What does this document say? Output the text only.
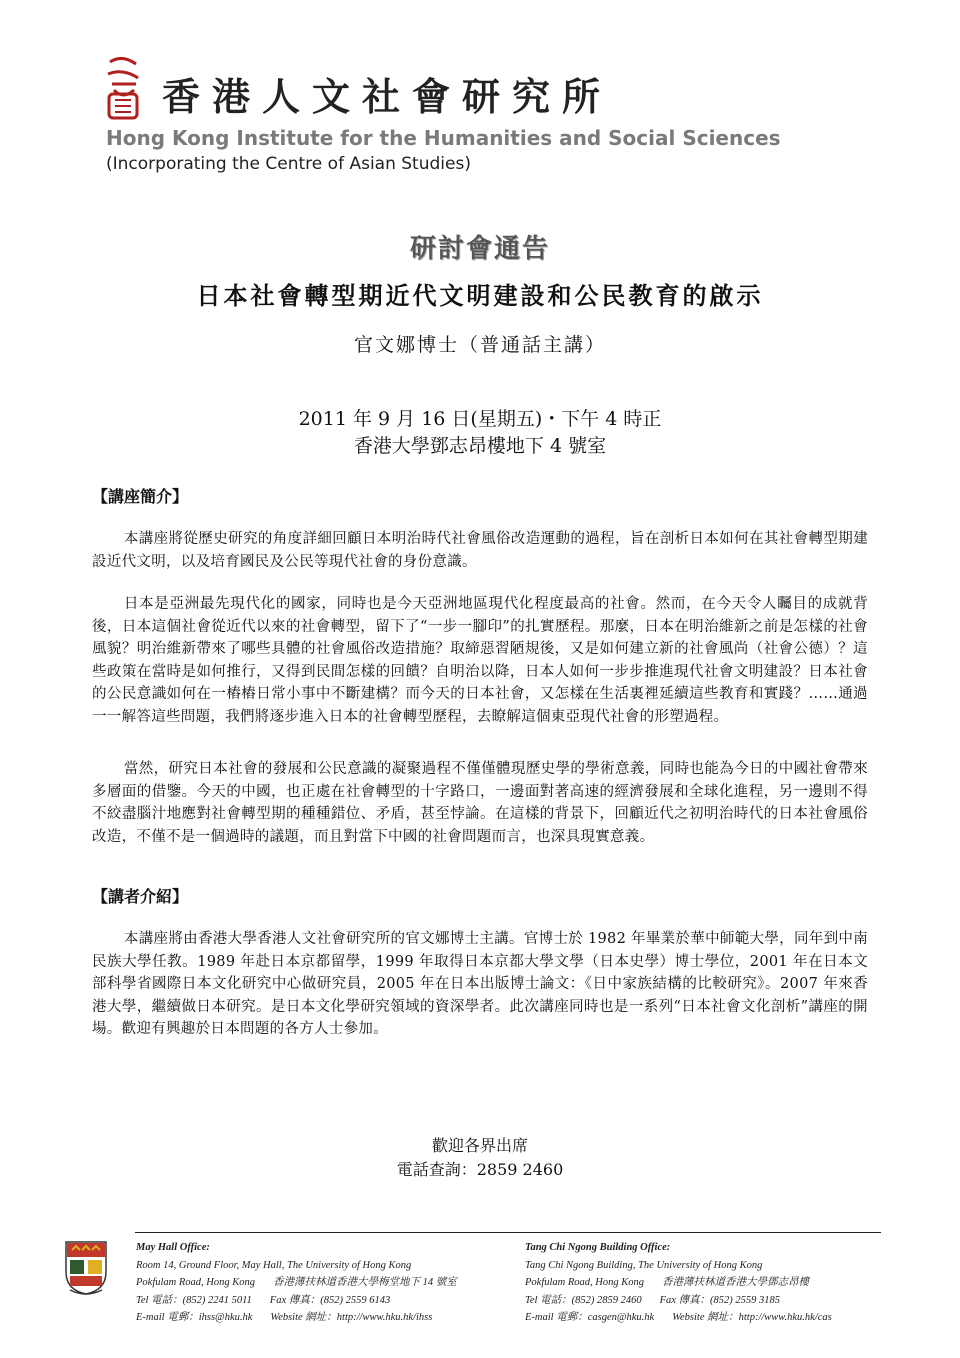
香港人文社會研究所
Hong Kong Institute for the Humanities and Social Sciences
(Incorporating the Centre of Asian Studies)
研討會通告
日本社會轉型期近代文明建設和公民教育的啟示
官文娜博士（普通話主講）
2011 年 9 月 16 日(星期五)・下午 4 時正
香港大學鄧志昂樓地下 4 號室
【講座簡介】

本講座將從歷史研究的角度詳細回顧日本明治時代社會風俗改造運動的過程，旨在剖析日本如何在其社會轉型期建設近代文明，以及培育國民及公民等現代社會的身份意識。

日本是亞洲最先現代化的國家，同時也是今天亞洲地區現代化程度最高的社會。然而，在今天令人矚目的成就背後，日本這個社會從近代以來的社會轉型，留下了“一步一腳印”的扎實歷程。那麼，日本在明治維新之前是怎樣的社會風貌？明治維新帶來了哪些具體的社會風俗改造措施？取締惡習陋規後，又是如何建立新的社會風尚（社會公德）？這些政策在當時是如何推行，又得到民間怎樣的回饋？自明治以降，日本人如何一步步推進現代社會文明建設？日本社會的公民意識如何在一樁樁日常小事中不斷建構？而今天的日本社會，又怎樣在生活裏裡延續這些教育和實踐？……通過一一解答這些問題，我們將逐步進入日本的社會轉型歷程，去瞭解這個東亞現代社會的形塑過程。

當然，研究日本社會的發展和公民意識的凝聚過程不僅僅體現歷史學的學術意義，同時也能為今日的中國社會帶來多層面的借鑒。今天的中國，也正處在社會轉型的十字路口，一邊面對著高速的經濟發展和全球化進程，另一邊則不得不絞盡腦汁地應對社會轉型期的種種錯位、矛盾，甚至悖論。在這樣的背景下，回顧近代之初明治時代的日本社會風俗改造，不僅不是一個過時的議題，而且對當下中國的社會問題而言，也深具現實意義。

【講者介紹】

本講座將由香港大學香港人文社會研究所的官文娜博士主講。官博士於 1982 年畢業於華中師範大學，同年到中南民族大學任教。1989 年赴日本京都留學，1999 年取得日本京都大學文學（日本史學）博士學位，2001 年在日本文部科學省國際日本文化研究中心做研究員，2005 年在日本出版博士論文：《日中家族結構的比較研究》。2007 年來香港大學，繼續做日本研究。是日本文化學研究領域的資深學者。此次講座同時也是一系列“日本社會文化剖析”講座的開場。歡迎有興趣於日本問題的各方人士參加。

歡迎各界出席
電話查詢：2859 2460
May Hall Office:
Room 14, Ground Floor, May Hall, The University of Hong Kong
Pokfulam Road, Hong Kong 香港薄扶林道香港大學梅堂地下 14 號室
Tel 電話：(852) 2241 5011 Fax 傳真：(852) 2559 6143
E-mail 電郵：ihss@hku.hk Website 網址：http://www.hku.hk/ihss
Tang Chi Ngong Building Office:
Tang Chi Ngong Building, The University of Hong Kong
Pokfulam Road, Hong Kong 香港薄扶林道香港大學鄧志昂樓
Tel 電話：(852) 2859 2460 Fax 傳真：(852) 2559 3185
E-mail 電郵：casgen@hku.hk Website 網址：http://www.hku.hk/cas
